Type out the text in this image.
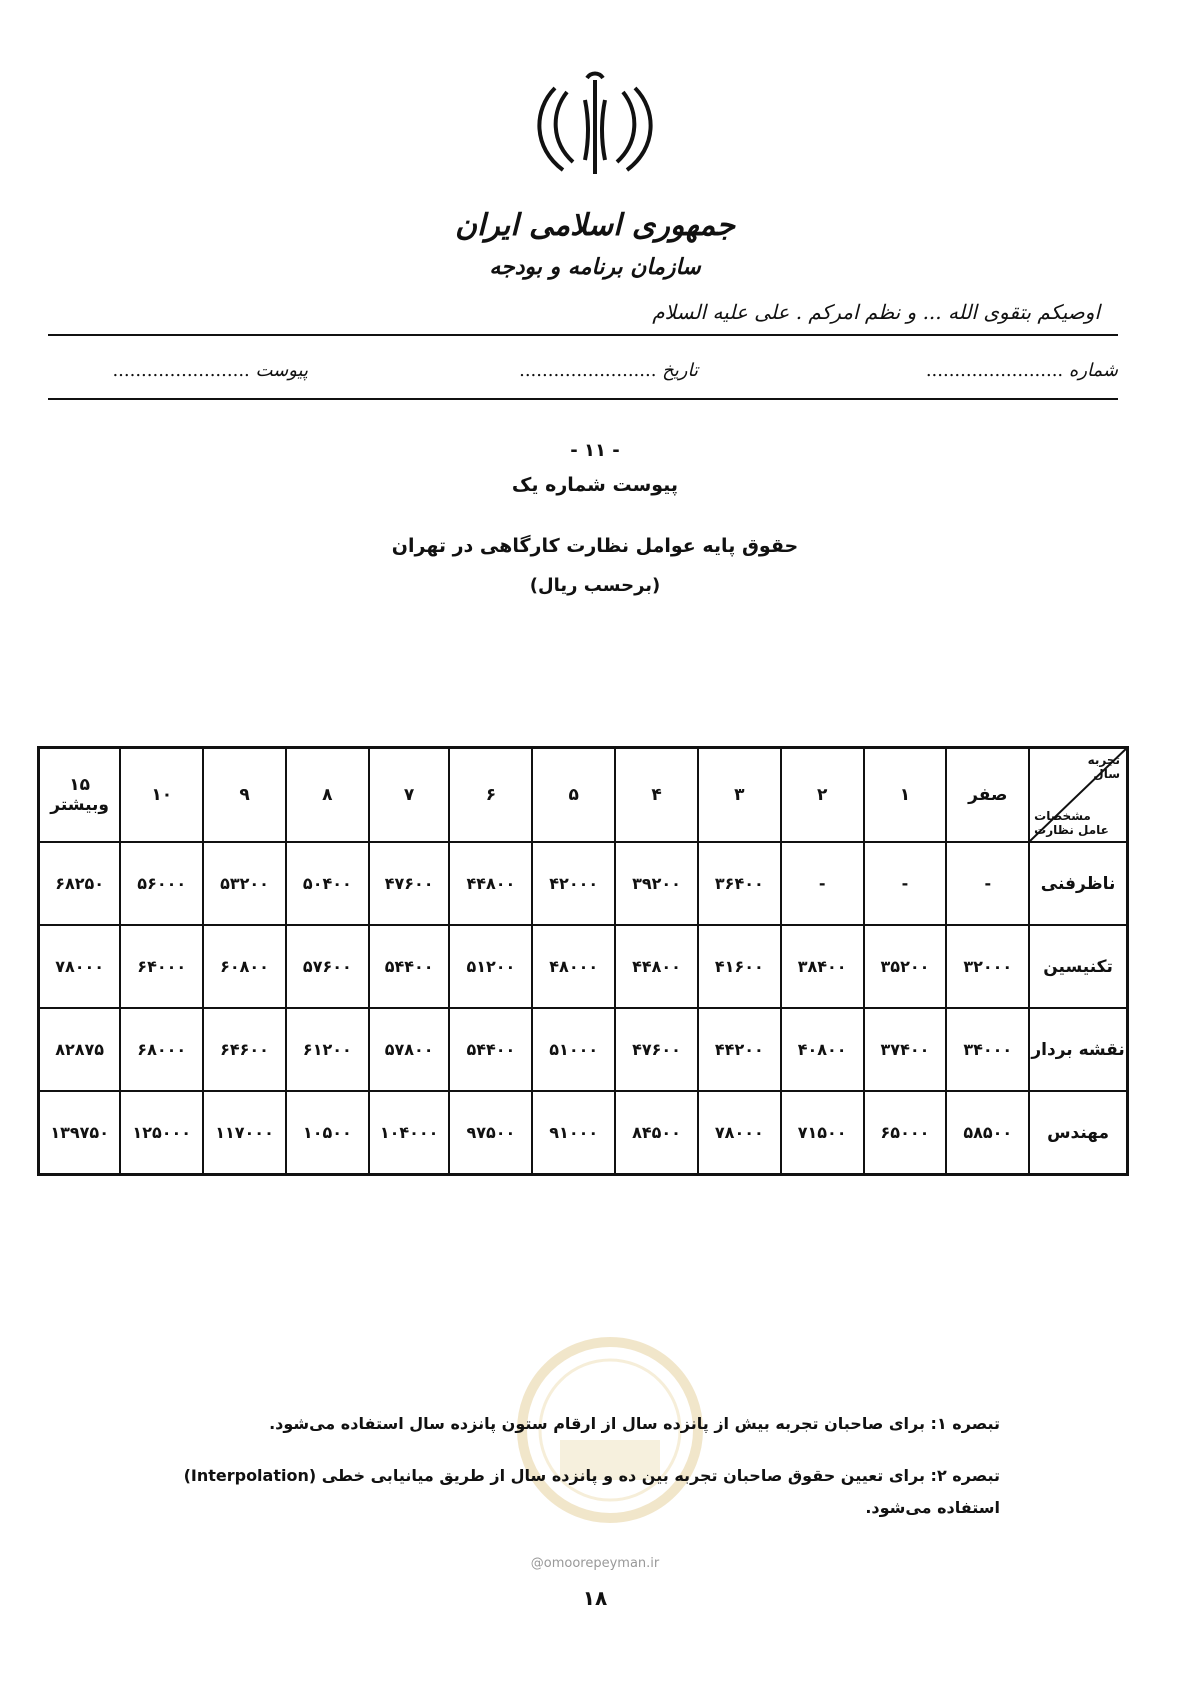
جمهوری اسلامی ایران
سازمان برنامه و بودجه
اوصیکم بتقوی الله ... و نظم امرکم . علی علیه السلام
شماره ........................
تاریخ ........................
پیوست ........................
- ۱۱ -
پیوست شماره یک
حقوق پایه عوامل نظارت کارگاهی در تهران
(برحسب ریال)
تجربه
سال
مشخصات
عامل نظارت	صفر	۱	۲	۳	۴	۵	۶	۷	۸	۹	۱۰	۱۵ وبیشتر
ناظرفنی	-	-	-	۳۶۴۰۰	۳۹۲۰۰	۴۲۰۰۰	۴۴۸۰۰	۴۷۶۰۰	۵۰۴۰۰	۵۳۲۰۰	۵۶۰۰۰	۶۸۲۵۰
تکنیسین	۳۲۰۰۰	۳۵۲۰۰	۳۸۴۰۰	۴۱۶۰۰	۴۴۸۰۰	۴۸۰۰۰	۵۱۲۰۰	۵۴۴۰۰	۵۷۶۰۰	۶۰۸۰۰	۶۴۰۰۰	۷۸۰۰۰
نقشه بردار	۳۴۰۰۰	۳۷۴۰۰	۴۰۸۰۰	۴۴۲۰۰	۴۷۶۰۰	۵۱۰۰۰	۵۴۴۰۰	۵۷۸۰۰	۶۱۲۰۰	۶۴۶۰۰	۶۸۰۰۰	۸۲۸۷۵
مهندس	۵۸۵۰۰	۶۵۰۰۰	۷۱۵۰۰	۷۸۰۰۰	۸۴۵۰۰	۹۱۰۰۰	۹۷۵۰۰	۱۰۴۰۰۰	۱۰۵۰۰	۱۱۷۰۰۰	۱۲۵۰۰۰	۱۳۹۷۵۰
تبصره ۱: برای صاحبان تجربه بیش از پانزده سال از ارقام ستون پانزده سال استفاده می‌شود.
تبصره ۲: برای تعیین حقوق صاحبان تجربه بین ده و پانزده سال از طریق میانیابی خطی (Interpolation) استفاده می‌شود.
@omoorepeyman.ir
۱۸
